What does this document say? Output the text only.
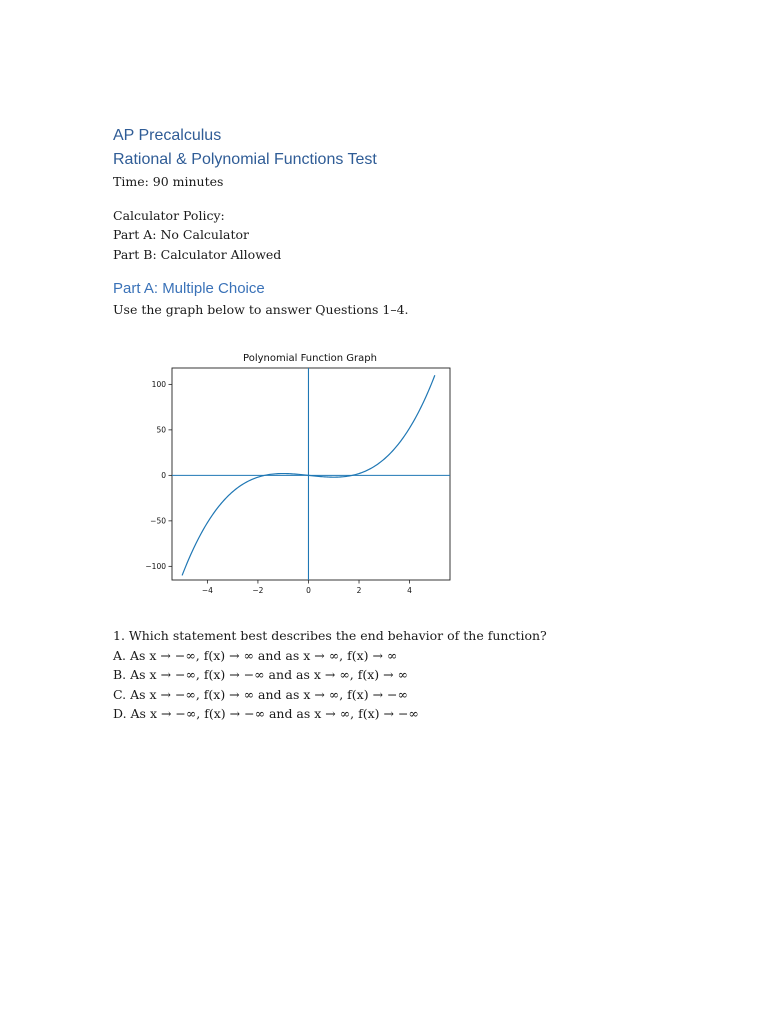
AP Precalculus

Rational & Polynomial Functions Test

Time: 90 minutes

Calculator Policy:

Part A: No Calculator

Part B: Calculator Allowed

Part A: Multiple Choice

Use the graph below to answer Questions 1–4.

Polynomial Function Graph
−4	−2	0	2	4
100
50
0
−50
−100

1. Which statement best describes the end behavior of the function?

A. As x → −∞, f(x) → ∞ and as x → ∞, f(x) → ∞

B. As x → −∞, f(x) → −∞ and as x → ∞, f(x) → ∞

C. As x → −∞, f(x) → ∞ and as x → ∞, f(x) → −∞

D. As x → −∞, f(x) → −∞ and as x → ∞, f(x) → −∞
